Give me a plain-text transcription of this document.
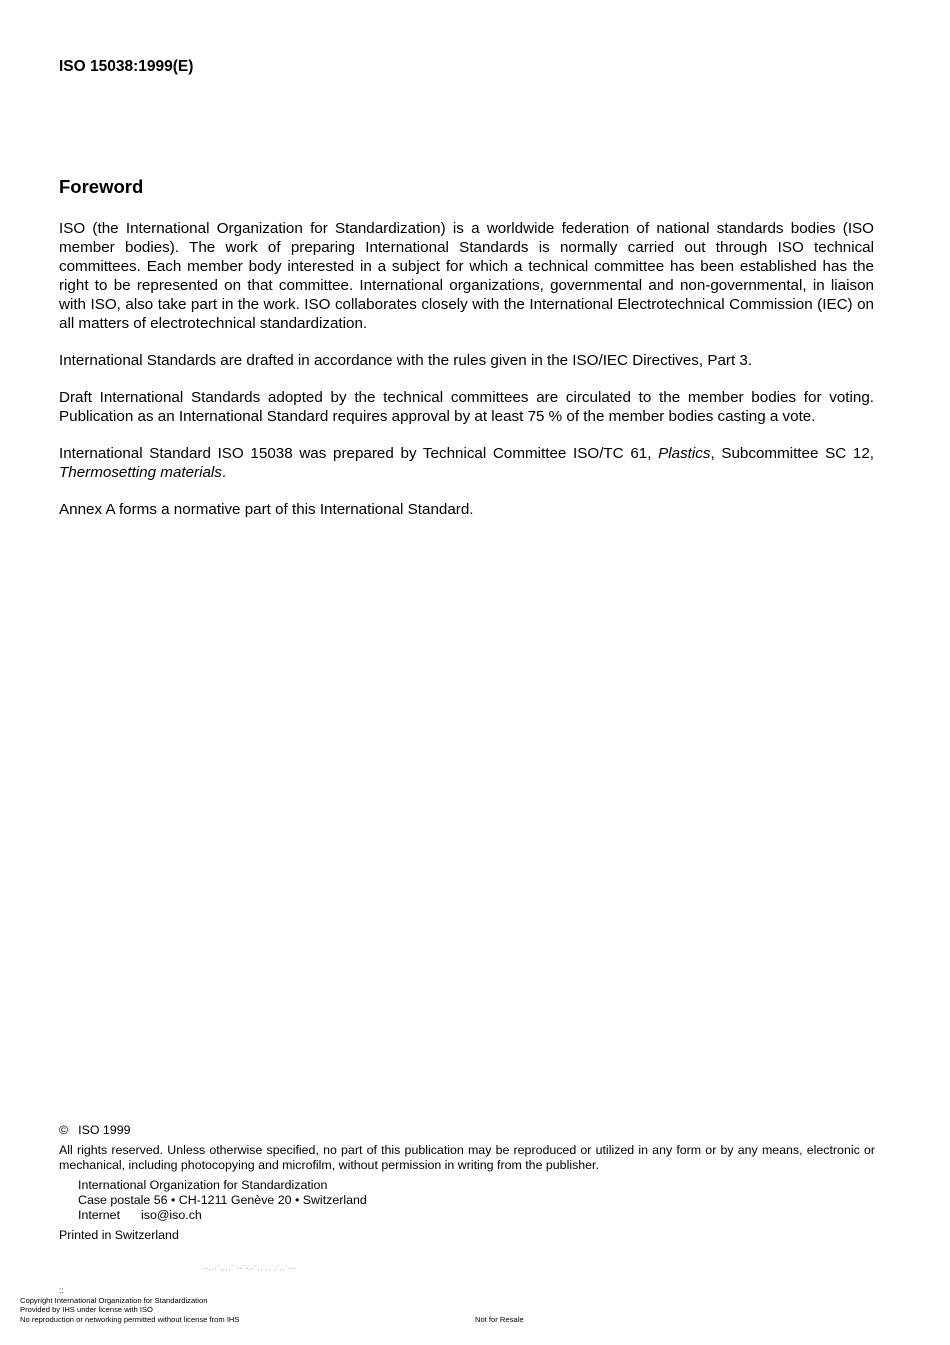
ISO 15038:1999(E)
Foreword
ISO (the International Organization for Standardization) is a worldwide federation of national standards bodies (ISO member bodies). The work of preparing International Standards is normally carried out through ISO technical committees. Each member body interested in a subject for which a technical committee has been established has the right to be represented on that committee. International organizations, governmental and non-governmental, in liaison with ISO, also take part in the work. ISO collaborates closely with the International Electrotechnical Commission (IEC) on all matters of electrotechnical standardization.
International Standards are drafted in accordance with the rules given in the ISO/IEC Directives, Part 3.
Draft International Standards adopted by the technical committees are circulated to the member bodies for voting. Publication as an International Standard requires approval by at least 75 % of the member bodies casting a vote.
International Standard ISO 15038 was prepared by Technical Committee ISO/TC 61, Plastics, Subcommittee SC 12, Thermosetting materials.
Annex A forms a normative part of this International Standard.
© ISO 1999
All rights reserved. Unless otherwise specified, no part of this publication may be reproduced or utilized in any form or by any means, electronic or mechanical, including photocopying and microfilm, without permission in writing from the publisher.
International Organization for Standardization
Case postale 56 • CH-1211 Genève 20 • Switzerland
Internet iso@iso.ch
Printed in Switzerland
--,,-`,,,,``--`-,-`,,`,,`,`,,`---
::
Copyright International Organization for Standardization
Provided by IHS under license with ISO
No reproduction or networking permitted without license from IHS	Not for Resale
